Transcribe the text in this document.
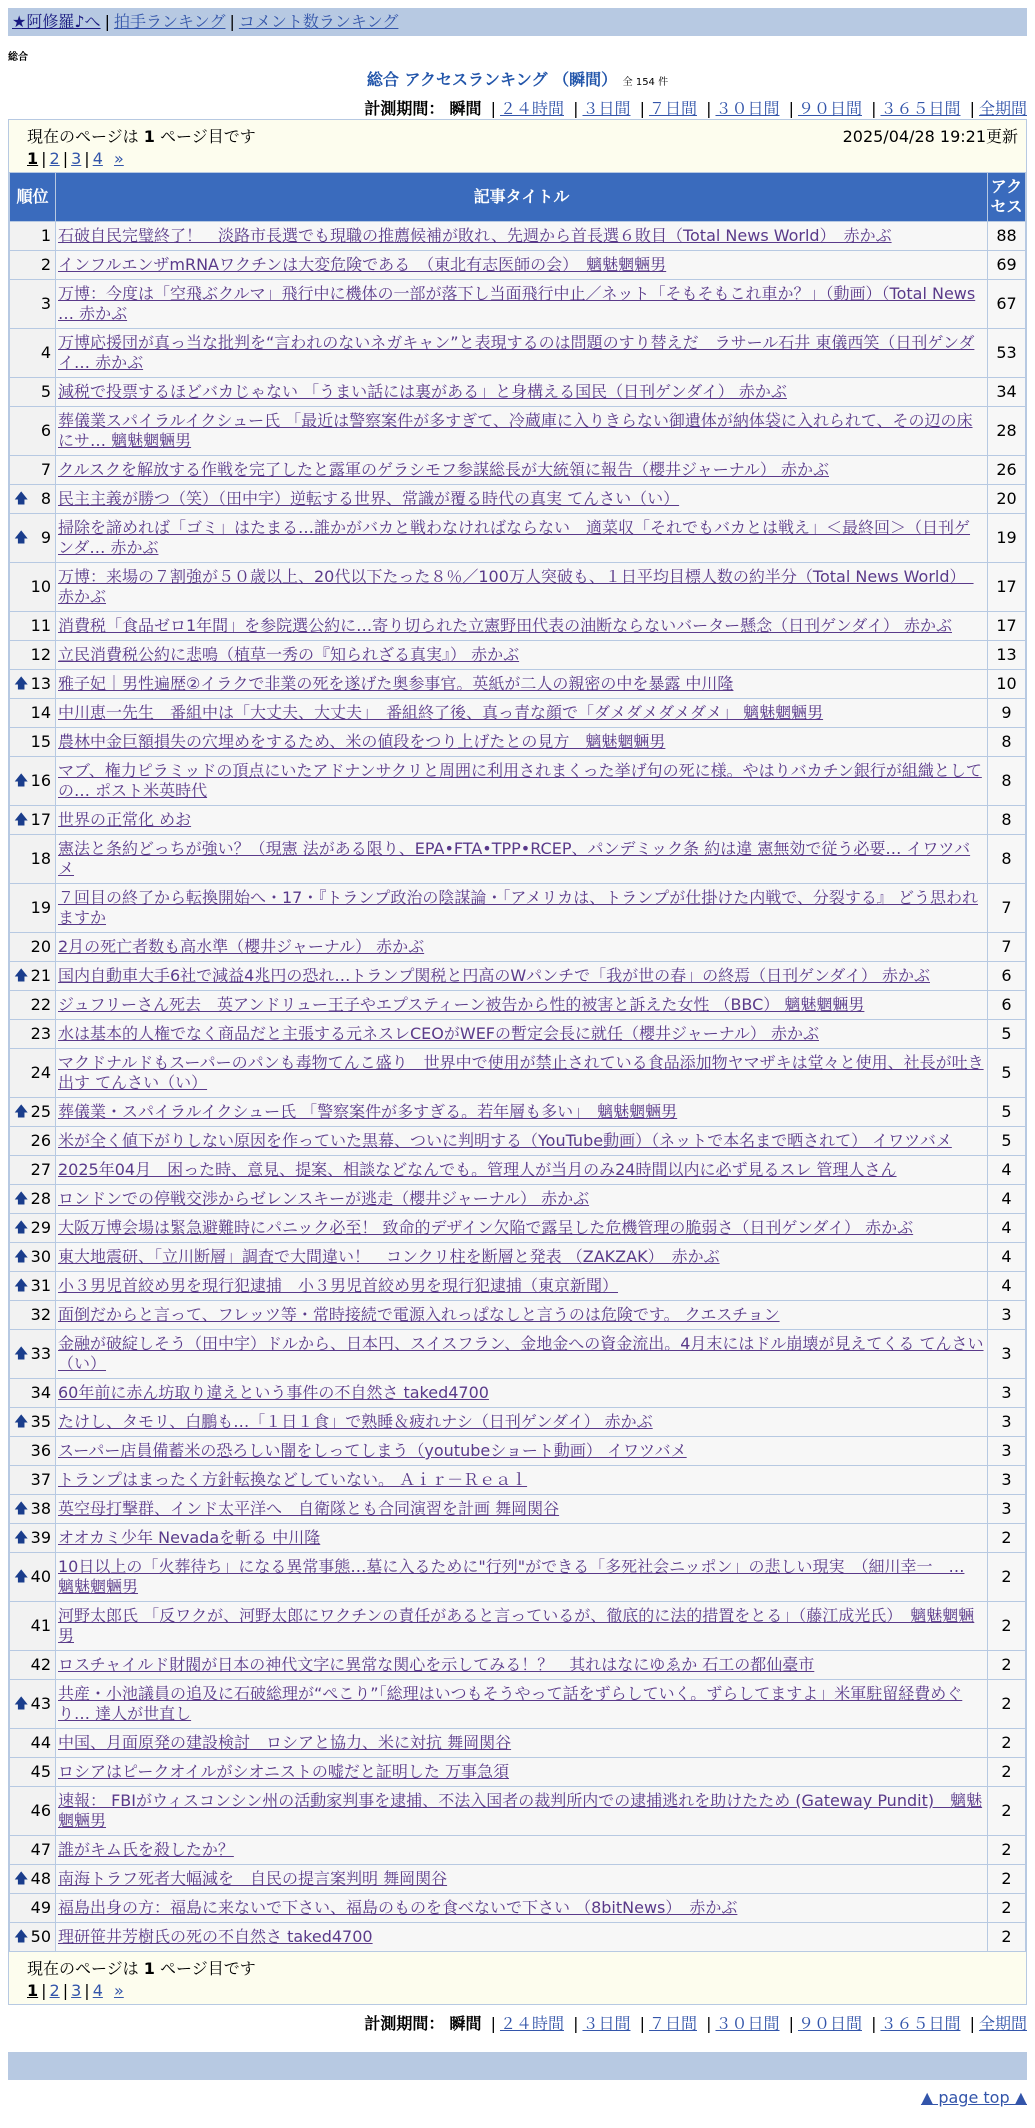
★阿修羅♪へ | 拍手ランキング | コメント数ランキング
総合
総合 アクセスランキング （瞬間） 全 154 件
計測期間： 瞬間 | ２４時間 | ３日間 | ７日間 | ３０日間 | ９０日間 | ３６５日間 | 全期間
現在のページは 1 ページ目です	2025/04/28 19:21更新
1 | 2 | 3 | 4 »
順位	記事タイトル	アクセス
1	石破自民完璧終了！　淡路市長選でも現職の推薦候補が敗れ、先週から首長選６敗目（Total News World）　赤かぶ	88
2	インフルエンザmRNAワクチンは大変危険である　（東北有志医師の会）　魑魅魍魎男	69
3	万博：今度は「空飛ぶクルマ」飛行中に機体の一部が落下し当面飛行中止／ネット「そもそもこれ車か？」（動画）（Total News … 赤かぶ	67
4	万博応援団が真っ当な批判を“言われのないネガキャン”と表現するのは問題のすり替えだ　ラサール石井 東儀西笑（日刊ゲンダイ… 赤かぶ	53
5	減税で投票するほどバカじゃない 「うまい話には裏がある」と身構える国民（日刊ゲンダイ） 赤かぶ	34
6	葬儀業スパイラルイクシュー氏 「最近は警察案件が多すぎて、冷蔵庫に入りきらない御遺体が納体袋に入れられて、その辺の床にサ… 魑魅魍魎男	28
7	クルスクを解放する作戦を完了したと露軍のゲラシモフ参謀総長が大統領に報告（櫻井ジャーナル） 赤かぶ	26

🡅 8	民主主義が勝つ（笑）（田中宇）逆転する世界、常識が覆る時代の真実 てんさい（い）	20

🡅 9	掃除を諦めれば「ゴミ」はたまる…誰かがバカと戦わなければならない　適菜収「それでもバカとは戦え」＜最終回＞（日刊ゲンダ… 赤かぶ	19
10	万博：来場の７割強が５０歳以上、20代以下たった８％／100万人突破も、１日平均目標人数の約半分（Total News World）　赤かぶ	17
11	消費税「食品ゼロ1年間」を参院選公約に…寄り切られた立憲野田代表の油断ならないバーター懸念（日刊ゲンダイ） 赤かぶ	17
12	立民消費税公約に悲鳴（植草一秀の『知られざる真実』） 赤かぶ	13

🡅 13	雅子妃｜男性遍歴②イラクで非業の死を遂げた奥参事官。英紙が二人の親密の中を暴露 中川隆	10
14	中川恵一先生　番組中は「大丈夫、大丈夫」　番組終了後、真っ青な顔で「ダメダメダメダメ」 魑魅魍魎男	9
15	農林中金巨額損失の穴埋めをするため、米の値段をつり上げたとの見方　魑魅魍魎男	8

🡅 16	マブ、権力ピラミッドの頂点にいたアドナンサクリと周囲に利用されまくった挙げ句の死に様。やはりバカチン銀行が組織としての… ポスト米英時代	8

🡅 17	世界の正常化 めお	8
18	憲法と条約どっちが強い？（現憲 法がある限り、EPA•FTA•TPP•RCEP、パンデミック条 約は違 憲無効で従う必要… イワツバメ	8
19	７回目の終了から転換開始へ・17・『トランプ政治の陰謀論・「アメリカは、トランプが仕掛けた内戦で、分裂する』 どう思われますか	7
20	2月の死亡者数も高水準（櫻井ジャーナル） 赤かぶ	7

🡅 21	国内自動車大手6社で減益4兆円の恐れ…トランプ関税と円高のWパンチで「我が世の春」の終焉（日刊ゲンダイ） 赤かぶ	6
22	ジュフリーさん死去　英アンドリュー王子やエプスティーン被告から性的被害と訴えた女性 （BBC） 魑魅魍魎男	6
23	水は基本的人権でなく商品だと主張する元ネスレCEOがWEFの暫定会長に就任（櫻井ジャーナル） 赤かぶ	5
24	マクドナルドもスーパーのパンも毒物てんこ盛り　世界中で使用が禁止されている食品添加物ヤマザキは堂々と使用、社長が吐き出す てんさい（い）	5

🡅 25	葬儀業・スパイラルイクシュー氏 「警察案件が多すぎる。若年層も多い」　魑魅魍魎男	5
26	米が全く値下がりしない原因を作っていた黒幕、ついに判明する（YouTube動画）（ネットで本名まで晒されて） イワツバメ	5
27	2025年04月　困った時、意見、提案、相談などなんでも。管理人が当月のみ24時間以内に必ず見るスレ 管理人さん	4

🡅 28	ロンドンでの停戦交渉からゼレンスキーが逃走（櫻井ジャーナル） 赤かぶ	4

🡅 29	大阪万博会場は緊急避難時にパニック必至！ 致命的デザイン欠陥で露呈した危機管理の脆弱さ（日刊ゲンダイ） 赤かぶ	4

🡅 30	東大地震研、「立川断層」調査で大間違い！　コンクリ柱を断層と発表 （ZAKZAK）　赤かぶ	4

🡅 31	小３男児首絞め男を現行犯逮捕　小３男児首絞め男を現行犯逮捕（東京新聞）	4
32	面倒だからと言って、フレッツ等・常時接続で電源入れっぱなしと言うのは危険です。 クエスチョン	3

🡅 33	金融が破綻しそう（田中宇）ドルから、日本円、スイスフラン、金地金への資金流出。4月末にはドル崩壊が見えてくる てんさい（い）	3
34	60年前に赤ん坊取り違えという事件の不自然さ taked4700	3

🡅 35	たけし、タモリ、白鵬も…「１日１食」で熟睡＆疲れナシ（日刊ゲンダイ） 赤かぶ	3
36	スーパー店員備蓄米の恐ろしい闇をしってしまう（youtubeショート動画） イワツバメ	3
37	トランプはまったく方針転換などしていない。 Ａｉｒ－Ｒｅａｌ	3

🡅 38	英空母打撃群、インド太平洋へ　自衛隊とも合同演習を計画 舞岡関谷	3

🡅 39	オオカミ少年 Nevadaを斬る 中川隆	2

🡅 40	10日以上の「火葬待ち」になる異常事態…墓に入るために"行列"ができる「多死社会ニッポン」の悲しい現実　（細川幸一　… 魑魅魍魎男	2
41	河野太郎氏 「反ワクが、河野太郎にワクチンの責任があると言っているが、徹底的に法的措置をとる」（藤江成光氏）　魑魅魍魎男	2
42	ロスチャイルド財閥が日本の神代文字に異常な関心を示してみる！？　其れはなにゆゑか 石工の都仙臺市	2

🡅 43	共産・小池議員の追及に石破総理が“ぺこり”「総理はいつもそうやって話をずらしていく。ずらしてますよ」米軍駐留経費めぐり… 達人が世直し	2
44	中国、月面原発の建設検討　ロシアと協力、米に対抗 舞岡関谷	2
45	ロシアはピークオイルがシオニストの嘘だと証明した 万事急須	2
46	速報： FBIがウィスコンシン州の活動家判事を逮捕、不法入国者の裁判所内での逮捕逃れを助けたため (Gateway Pundit)　魑魅魍魎男	2
47	誰がキム氏を殺したか？	2

🡅 48	南海トラフ死者大幅減を　自民の提言案判明 舞岡関谷	2
49	福島出身の方：福島に来ないで下さい、福島のものを食べないで下さい （8bitNews）　赤かぶ	2

🡅 50	理研笹井芳樹氏の死の不自然さ taked4700	2
現在のページは 1 ページ目です
1 | 2 | 3 | 4 »
計測期間： 瞬間 | ２４時間 | ３日間 | ７日間 | ３０日間 | ９０日間 | ３６５日間 | 全期間
▲ page top ▲
